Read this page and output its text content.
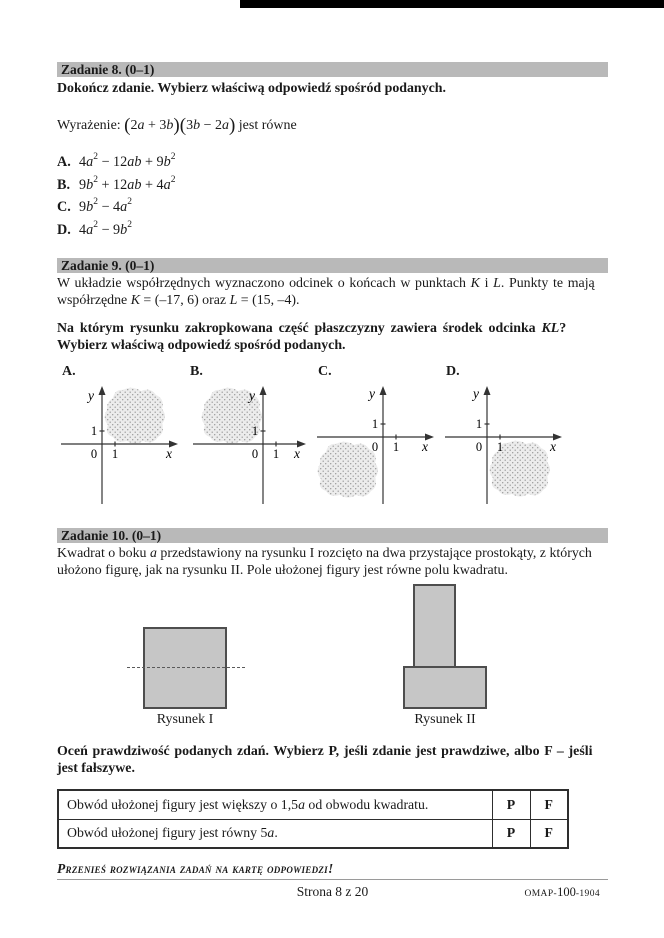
Zadanie 8. (0–1)
Dokończ zdanie. Wybierz właściwą odpowiedź spośród podanych.
Wyrażenie: (2a + 3b)(3b − 2a) jest równe
A. $4a^2 - 12ab + 9b^2$
B. $9b^2 + 12ab + 4a^2$
C. $9b^2 - 4a^2$
D. $4a^2 - 9b^2$
Zadanie 9. (0–1)
W układzie współrzędnych wyznaczono odcinek o końcach w punktach K i L. Punkty te mają
współrzędne K = (–17, 6) oraz L = (15, –4).
Na którym rysunku zakropkowana część płaszczyzny zawiera środek odcinka KL?
Wybierz właściwą odpowiedź spośród podanych.
A.	B.	C.	D.
y
x
0 1
1
y
x
0 1
1
y
x
0 1
1
y
x
0 1
1
Zadanie 10. (0–1)
Kwadrat o boku a przedstawiony na rysunku I rozcięto na dwa przystające prostokąty, z których
ułożono figurę, jak na rysunku II. Pole ułożonej figury jest równe polu kwadratu.
Rysunek I	Rysunek II
Oceń prawdziwość podanych zdań. Wybierz P, jeśli zdanie jest prawdziwe, albo F – jeśli
jest fałszywe.
Obwód ułożonej figury jest większy o 1,5a od obwodu kwadratu.	P	F
Obwód ułożonej figury jest równy 5a.	P	F
Przenieś rozwiązania zadań na kartę odpowiedzi!
Strona 8 z 20	OMAP-100-1904
